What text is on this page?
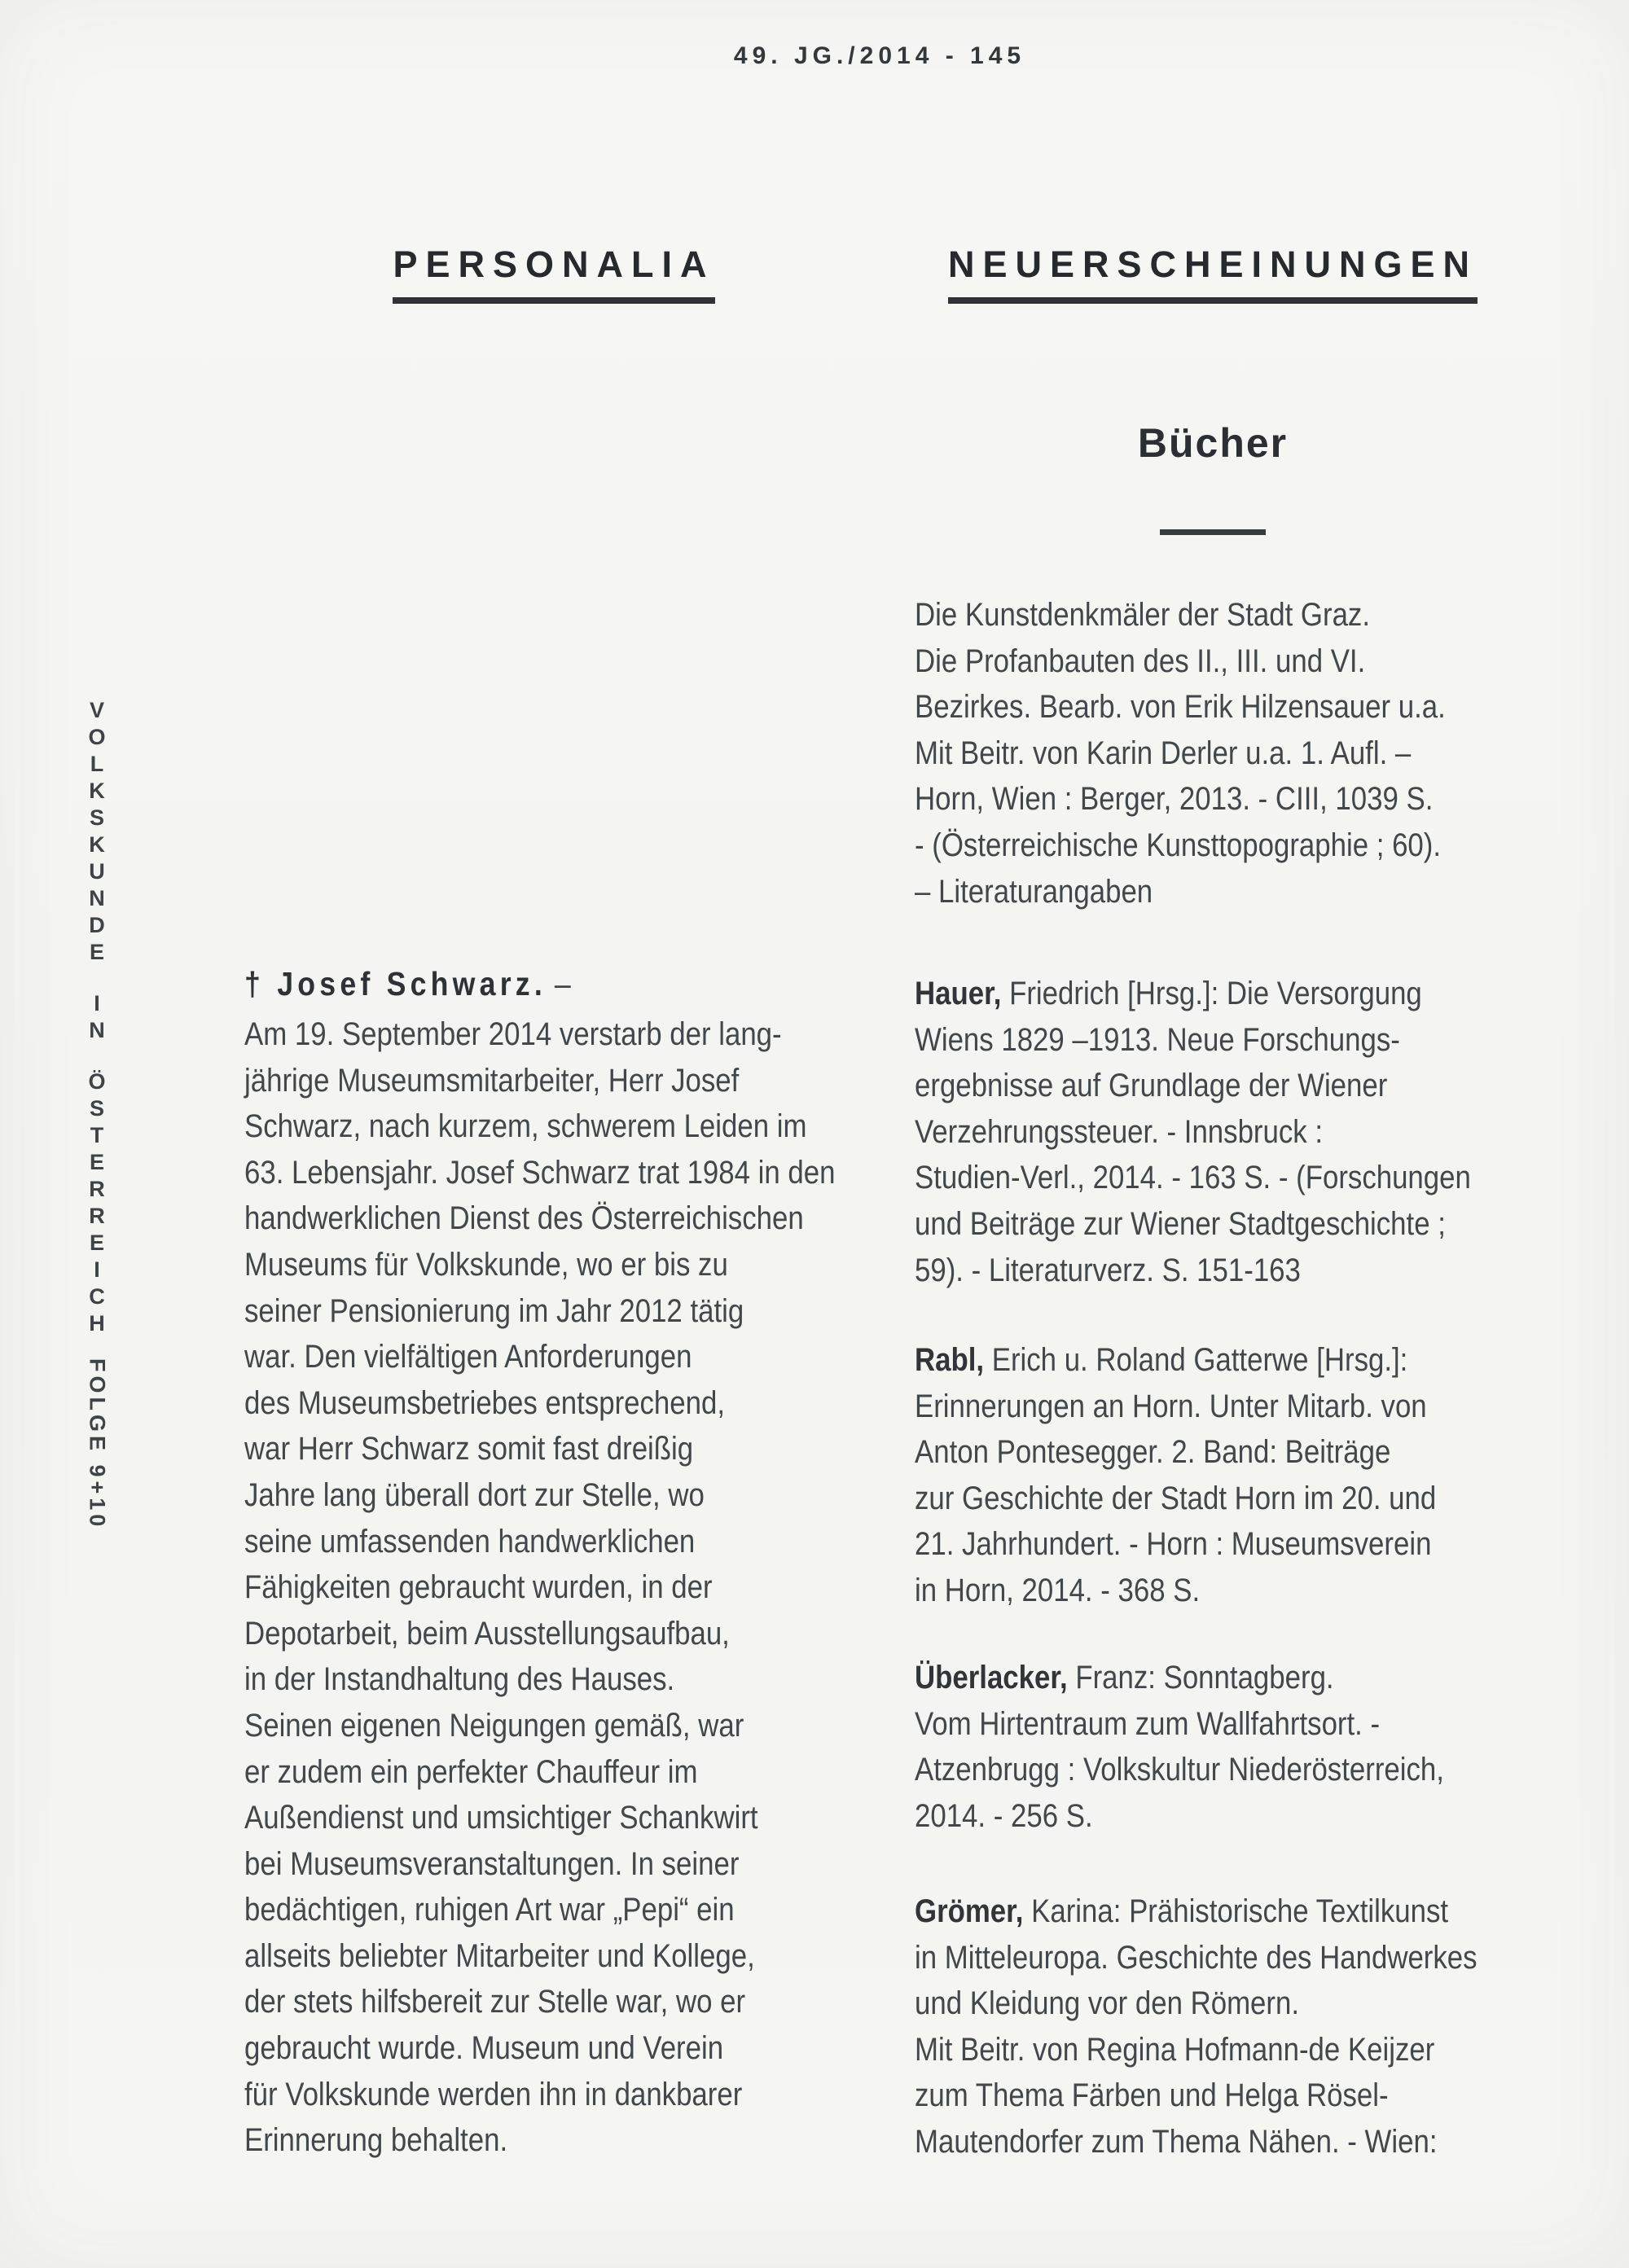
49. JG./2014 - 145
V
O
L
K
S
K
U
N
D
E
I
N
Ö
S
T
E
R
R
E
I
C
H
FOLGE 9+10
PERSONALIA	NEUERSCHEINUNGEN
Bücher
† Josef Schwarz. –
Am 19. September 2014 verstarb der lang-
jährige Museumsmitarbeiter, Herr Josef
Schwarz, nach kurzem, schwerem Leiden im
63. Lebensjahr. Josef Schwarz trat 1984 in den
handwerklichen Dienst des Österreichischen
Museums für Volkskunde, wo er bis zu
seiner Pensionierung im Jahr 2012 tätig
war. Den vielfältigen Anforderungen
des Museumsbetriebes entsprechend,
war Herr Schwarz somit fast dreißig
Jahre lang überall dort zur Stelle, wo
seine umfassenden handwerklichen
Fähigkeiten gebraucht wurden, in der
Depotarbeit, beim Ausstellungsaufbau,
in der Instandhaltung des Hauses.
Seinen eigenen Neigungen gemäß, war
er zudem ein perfekter Chauffeur im
Außendienst und umsichtiger Schankwirt
bei Museumsveranstaltungen. In seiner
bedächtigen, ruhigen Art war „Pepi“ ein
allseits beliebter Mitarbeiter und Kollege,
der stets hilfsbereit zur Stelle war, wo er
gebraucht wurde. Museum und Verein
für Volkskunde werden ihn in dankbarer
Erinnerung behalten.
Die Kunstdenkmäler der Stadt Graz.
Die Profanbauten des II., III. und VI.
Bezirkes. Bearb. von Erik Hilzensauer u.a.
Mit Beitr. von Karin Derler u.a. 1. Aufl. –
Horn, Wien : Berger, 2013. - CIII, 1039 S.
- (Österreichische Kunsttopographie ; 60).
– Literaturangaben
Hauer, Friedrich [Hrsg.]: Die Versorgung
Wiens 1829 –1913. Neue Forschungs-
ergebnisse auf Grundlage der Wiener
Verzehrungssteuer. - Innsbruck :
Studien-Verl., 2014. - 163 S. - (Forschungen
und Beiträge zur Wiener Stadtgeschichte ;
59). - Literaturverz. S. 151-163
Rabl, Erich u. Roland Gatterwe [Hrsg.]:
Erinnerungen an Horn. Unter Mitarb. von
Anton Pontesegger. 2. Band: Beiträge
zur Geschichte der Stadt Horn im 20. und
21. Jahrhundert. - Horn : Museumsverein
in Horn, 2014. - 368 S.
Überlacker, Franz: Sonntagberg.
Vom Hirtentraum zum Wallfahrtsort. -
Atzenbrugg : Volkskultur Niederösterreich,
2014. - 256 S.
Grömer, Karina: Prähistorische Textilkunst
in Mitteleuropa. Geschichte des Handwerkes
und Kleidung vor den Römern.
Mit Beitr. von Regina Hofmann-de Keijzer
zum Thema Färben und Helga Rösel-
Mautendorfer zum Thema Nähen. - Wien:
